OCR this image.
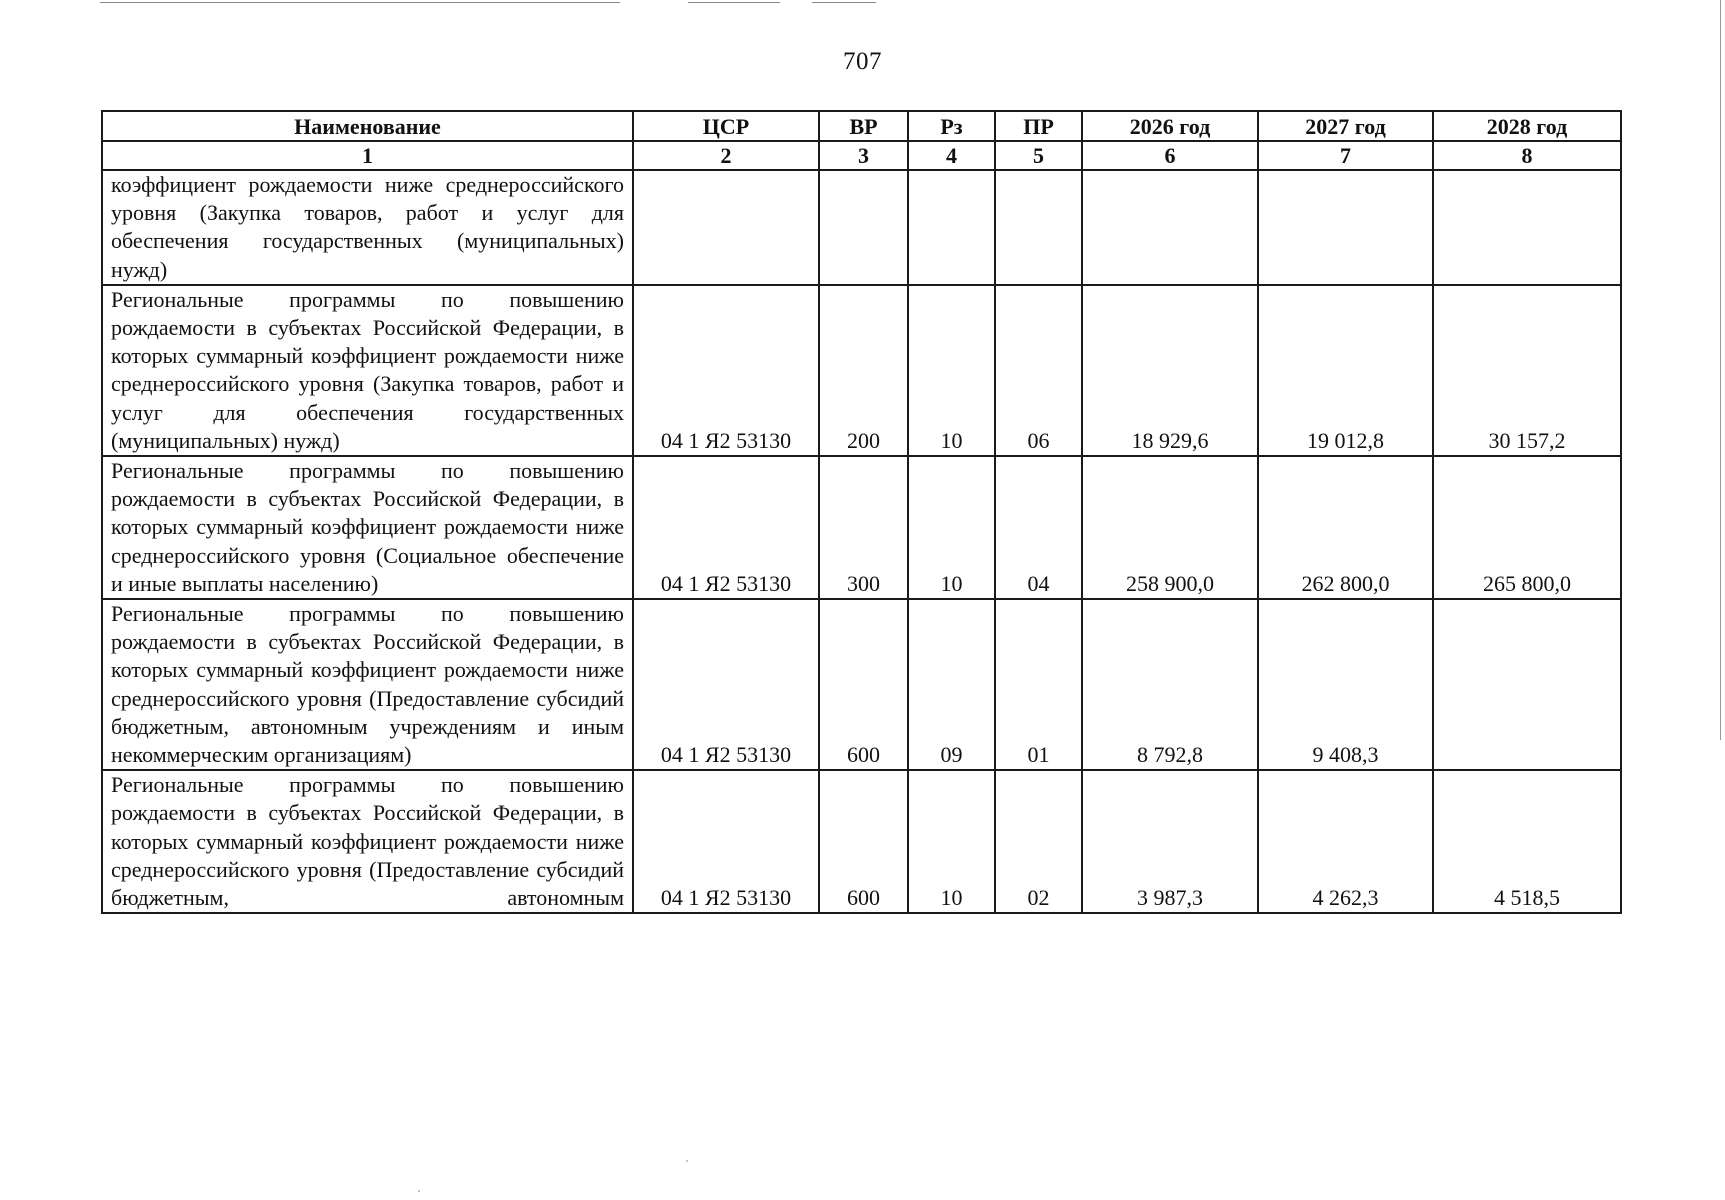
707
Наименование	ЦСР	ВР	Рз	ПР	2026 год	2027 год	2028 год
1	2	3	4	5	6	7	8
коэффициент рождаемости ниже среднероссийского уровня (Закупка товаров, работ и услуг для обеспечения государственных (муниципальных) нужд)							
Региональные программы по повышению рождаемости в субъектах Российской Федерации, в которых суммарный коэффициент рождаемости ниже среднероссийского уровня (Закупка товаров, работ и услуг для обеспечения государственных (муниципальных) нужд)	04 1 Я2 53130	200	10	06	18 929,6	19 012,8	30 157,2
Региональные программы по повышению рождаемости в субъектах Российской Федерации, в которых суммарный коэффициент рождаемости ниже среднероссийского уровня (Социальное обеспечение и иные выплаты населению)	04 1 Я2 53130	300	10	04	258 900,0	262 800,0	265 800,0
Региональные программы по повышению рождаемости в субъектах Российской Федерации, в которых суммарный коэффициент рождаемости ниже среднероссийского уровня (Предоставление субсидий бюджетным, автономным учреждениям и иным некоммерческим организациям)	04 1 Я2 53130	600	09	01	8 792,8	9 408,3	
Региональные программы по повышению рождаемости в субъектах Российской Федерации, в которых суммарный коэффициент рождаемости ниже среднероссийского уровня (Предоставление субсидий бюджетным, автономным	04 1 Я2 53130	600	10	02	3 987,3	4 262,3	4 518,5
